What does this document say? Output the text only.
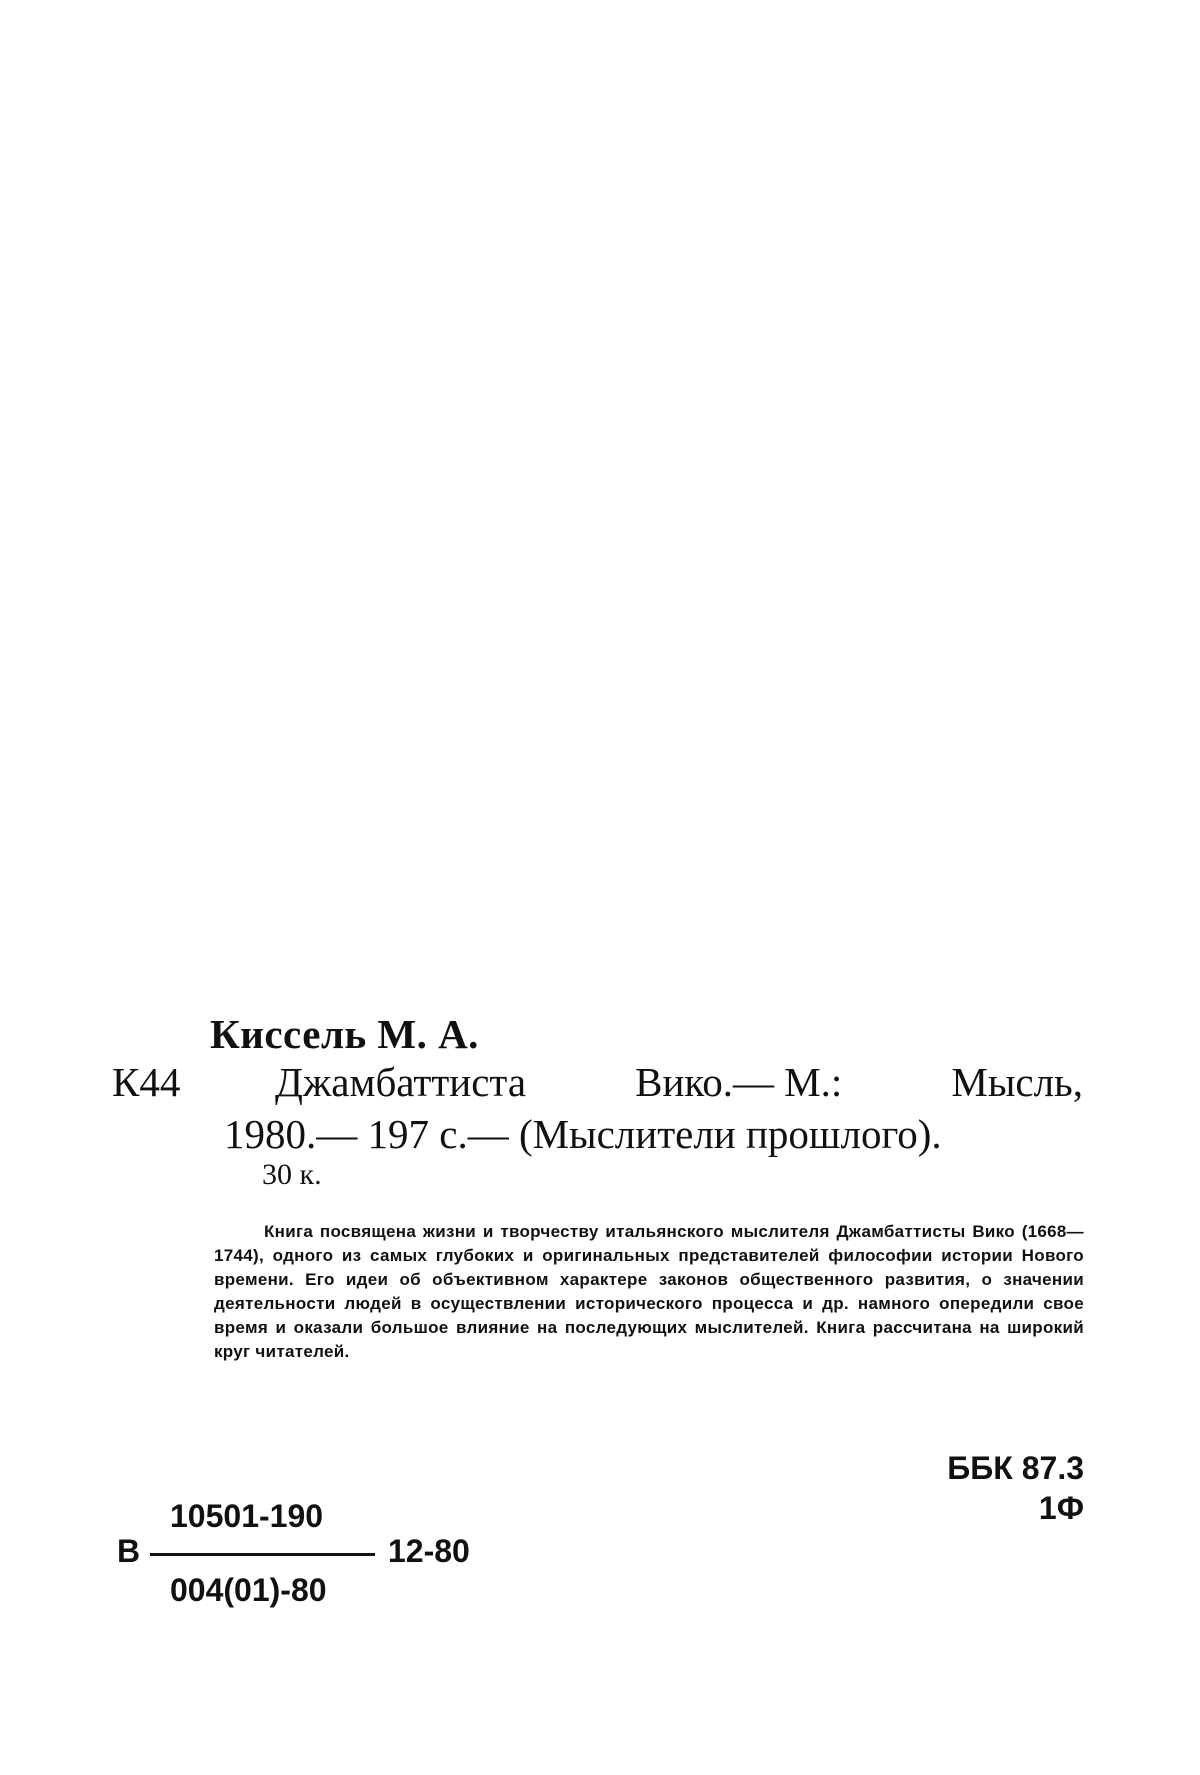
Киссель М. А.
К44 Джамбаттиста	Вико.— М.:	Мысль,
1980.— 197 с.— (Мыслители прошлого).
30 к.
Книга посвящена жизни и творчеству итальянского мыслителя Джамбаттисты Вико (1668—1744), одного из самых глубоких и оригинальных представителей философии истории Нового времени. Его идеи об объективном характере законов общественного развития, о значении деятельности людей в осуществлении исторического процесса и др. намного опередили свое время и оказали большое влияние на последующих мыслителей. Книга рассчитана на широкий круг читателей.
ББК 87.3
1Ф
В
10501-190
004(01)-80
12-80
